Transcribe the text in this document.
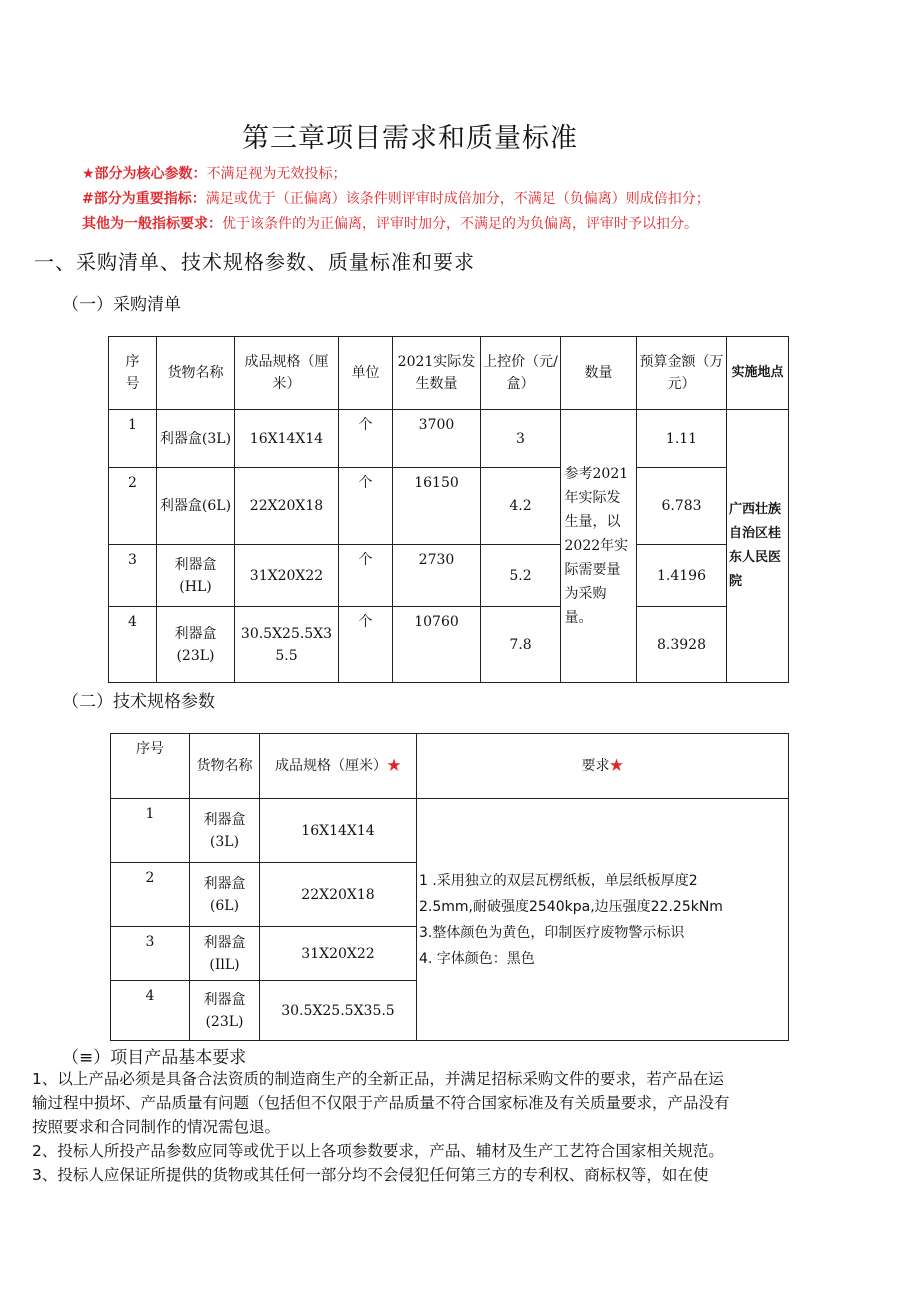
第三章项目需求和质量标准
★部分为核心参数：不满足视为无效投标；
#部分为重要指标：满足或优于（正偏离）该条件则评审时成倍加分，不满足（负偏离）则成倍扣分；
其他为一般指标要求：优于该条件的为正偏离，评审时加分，不满足的为负偏离，评审时予以扣分。
一、采购清单、技术规格参数、质量标准和要求
（一）采购清单
序号	货物名称	成品规格（厘米）	单位	2021实际发生数量	上控价（元/盒）	数量	预算金额（万元）	实施地点
1	利器盒(3L)	16X14X14	个	3700	3	参考2021年实际发生量，以2022年实际需要量为采购量。	1.11	广西壮族自治区桂东人民医院
2	利器盒(6L)	22X20X18	个	16150	4.2		6.783	
3	利器盒(HL)	31X20X22	个	2730	5.2		1.4196	
4	利器盒(23L)	30.5X25.5X35.5	个	10760	7.8		8.3928	
（二）技术规格参数
序号	货物名称	成品规格（厘米）★	要求★
1	利器盒(3L)	16X14X14	1 .采用独立的双层瓦楞纸板，单层纸板厚度2
2.5mm,耐破强度2540kpa,边压强度22.25kNm
3.整体颜色为黄色，印制医疗废物警示标识
4. 字体颜色：黑色

2	利器盒(6L)	22X20X18	
3	利器盒(IlL)	31X20X22	
4	利器盒(23L)	30.5X25.5X35.5	
（≡）项目产品基本要求
1、以上产品必须是具备合法资质的制造商生产的全新正品，并满足招标采购文件的要求，若产品在运
输过程中损坏、产品质量有问题（包括但不仅限于产品质量不符合国家标准及有关质量要求，产品没有
按照要求和合同制作的情况需包退。
2、投标人所投产品参数应同等或优于以上各项参数要求，产品、辅材及生产工艺符合国家相关规范。
3、投标人应保证所提供的货物或其任何一部分均不会侵犯任何第三方的专利权、商标权等，如在使
